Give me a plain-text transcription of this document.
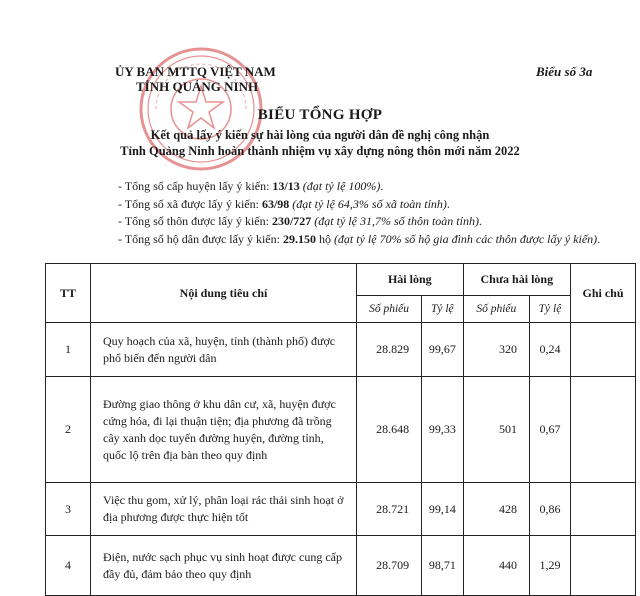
ỦY BAN MTTQ VIỆT NAM
TỈNH QUẢNG NINH
Biểu số 3a
BIỂU TỔNG HỢP
Kết quả lấy ý kiến sự hài lòng của người dân đề nghị công nhận
Tỉnh Quảng Ninh hoàn thành nhiệm vụ xây dựng nông thôn mới năm 2022
- Tổng số cấp huyện lấy ý kiến: 13/13 (đạt tỷ lệ 100%).
- Tổng số xã được lấy ý kiến: 63/98 (đạt tỷ lệ 64,3% số xã toàn tỉnh).
- Tổng số thôn được lấy ý kiến: 230/727 (đạt tỷ lệ 31,7% số thôn toàn tỉnh).
- Tổng số hộ dân được lấy ý kiến: 29.150 hộ (đạt tỷ lệ 70% số hộ gia đình các thôn được lấy ý kiến).
TT	Nội dung tiêu chí	Hài lòng		Chưa hài lòng		Ghi chú
		Số phiếu	Tỷ lệ	Số phiếu	Tỷ lệ	
1	Quy hoạch của xã, huyện, tỉnh (thành phố) được phổ biến đến người dân	28.829	99,67	320	0,24	
2	Đường giao thông ở khu dân cư, xã, huyện được cứng hóa, đi lại thuận tiện; địa phương đã trồng cây xanh dọc tuyến đường huyện, đường tỉnh, quốc lộ trên địa bàn theo quy định	28.648	99,33	501	0,67	
3	Việc thu gom, xử lý, phân loại rác thải sinh hoạt ở địa phương được thực hiện tốt	28.721	99,14	428	0,86	
4	Điện, nước sạch phục vụ sinh hoạt được cung cấp đầy đủ, đảm bảo theo quy định	28.709	98,71	440	1,29	
